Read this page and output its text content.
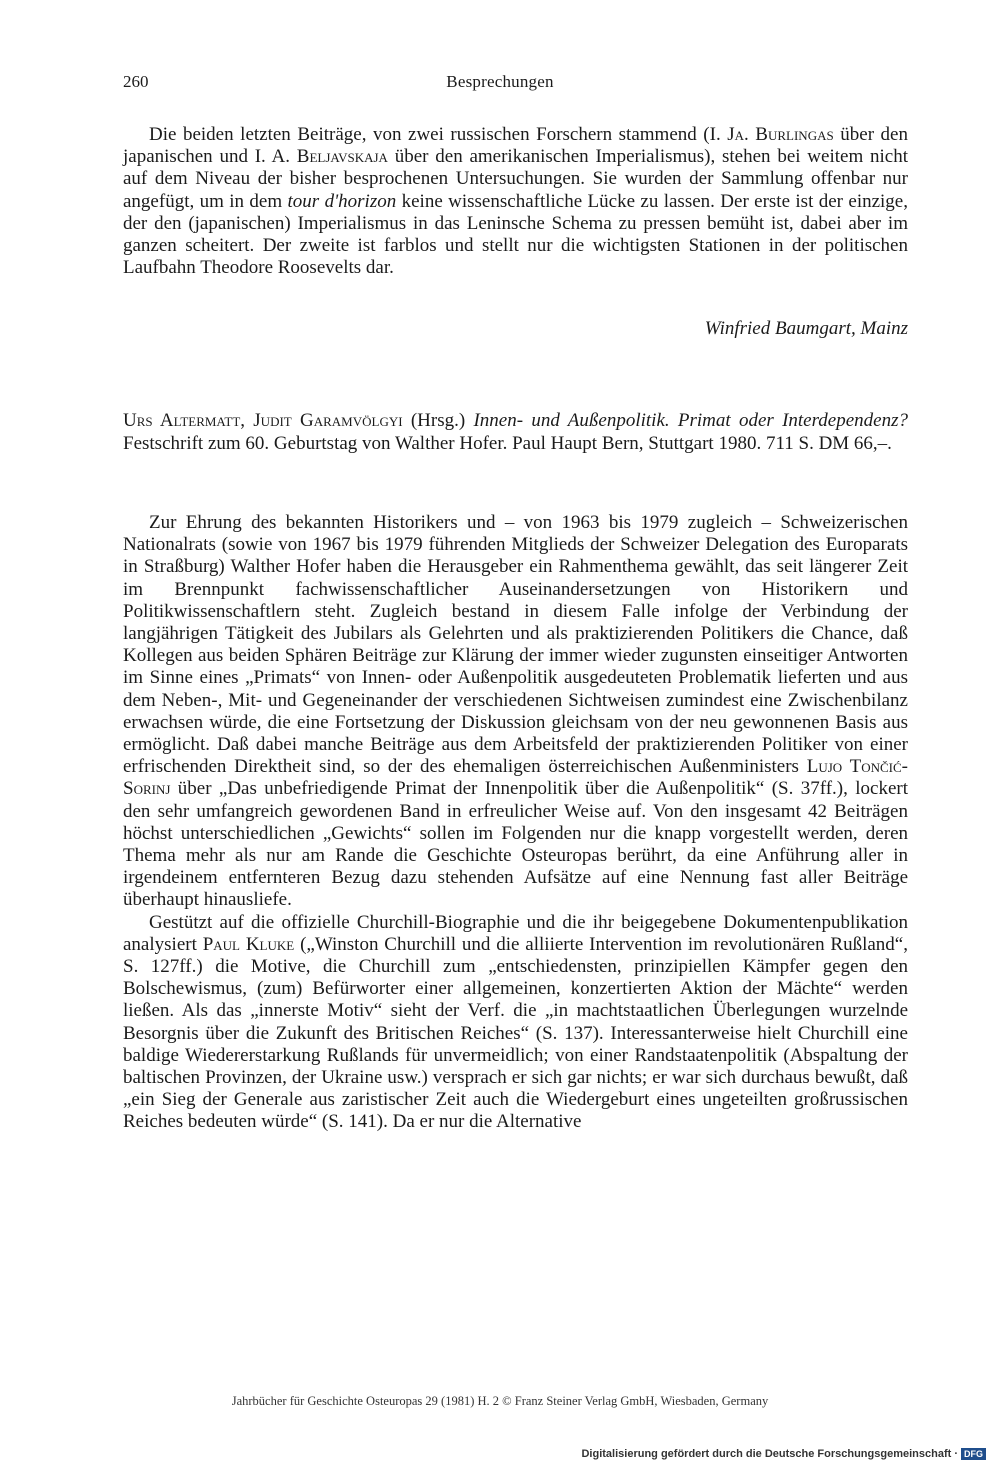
260	Besprechungen

Die beiden letzten Beiträge, von zwei russischen Forschern stammend (I. Ja. Burlingas über den japanischen und I. A. Beljavskaja über den amerikanischen Imperialismus), stehen bei weitem nicht auf dem Niveau der bisher besprochenen Untersuchungen. Sie wurden der Sammlung offenbar nur angefügt, um in dem tour d'horizon keine wissenschaftliche Lücke zu lassen. Der erste ist der einzige, der den (japanischen) Imperialismus in das Leninsche Schema zu pressen bemüht ist, dabei aber im ganzen scheitert. Der zweite ist farblos und stellt nur die wichtigsten Stationen in der politischen Laufbahn Theodore Roosevelts dar.

Winfried Baumgart, Mainz
Urs Altermatt, Judit Garamvölgyi (Hrsg.) Innen- und Außenpolitik. Primat oder Interdependenz? Festschrift zum 60. Geburtstag von Walther Hofer. Paul Haupt Bern, Stuttgart 1980. 711 S. DM 66,–.

Zur Ehrung des bekannten Historikers und – von 1963 bis 1979 zugleich – Schweizerischen Nationalrats (sowie von 1967 bis 1979 führenden Mitglieds der Schweizer Delegation des Europarats in Straßburg) Walther Hofer haben die Herausgeber ein Rahmenthema gewählt, das seit längerer Zeit im Brennpunkt fachwissenschaftlicher Auseinandersetzungen von Historikern und Politikwissenschaftlern steht. Zugleich bestand in diesem Falle infolge der Verbindung der langjährigen Tätigkeit des Jubilars als Gelehrten und als praktizierenden Politikers die Chance, daß Kollegen aus beiden Sphären Beiträge zur Klärung der immer wieder zugunsten einseitiger Antworten im Sinne eines „Primats“ von Innen- oder Außenpolitik ausgedeuteten Problematik lieferten und aus dem Neben-, Mit- und Gegeneinander der verschiedenen Sichtweisen zumindest eine Zwischenbilanz erwachsen würde, die eine Fortsetzung der Diskussion gleichsam von der neu gewonnenen Basis aus ermöglicht. Daß dabei manche Beiträge aus dem Arbeitsfeld der praktizierenden Politiker von einer erfrischenden Direktheit sind, so der des ehemaligen österreichischen Außenministers Lujo Tončić-Sorinj über „Das unbefriedigende Primat der Innenpolitik über die Außenpolitik“ (S. 37ff.), lockert den sehr umfangreich gewordenen Band in erfreulicher Weise auf. Von den insgesamt 42 Beiträgen höchst unterschiedlichen „Gewichts“ sollen im Folgenden nur die knapp vorgestellt werden, deren Thema mehr als nur am Rande die Geschichte Osteuropas berührt, da eine Anführung aller in irgendeinem entfernteren Bezug dazu stehenden Aufsätze auf eine Nennung fast aller Beiträge überhaupt hinausliefe.

Gestützt auf die offizielle Churchill-Biographie und die ihr beigegebene Dokumentenpublikation analysiert Paul Kluke („Winston Churchill und die alliierte Intervention im revolutionären Rußland“, S. 127ff.) die Motive, die Churchill zum „entschiedensten, prinzipiellen Kämpfer gegen den Bolschewismus, (zum) Befürworter einer allgemeinen, konzertierten Aktion der Mächte“ werden ließen. Als das „innerste Motiv“ sieht der Verf. die „in machtstaatlichen Überlegungen wurzelnde Besorgnis über die Zukunft des Britischen Reiches“ (S. 137). Interessanterweise hielt Churchill eine baldige Wiedererstarkung Rußlands für unvermeidlich; von einer Randstaatenpolitik (Abspaltung der baltischen Provinzen, der Ukraine usw.) versprach er sich gar nichts; er war sich durchaus bewußt, daß „ein Sieg der Generale aus zaristischer Zeit auch die Wiedergeburt eines ungeteilten großrussischen Reiches bedeuten würde“ (S. 141). Da er nur die Alternative

Jahrbücher für Geschichte Osteuropas 29 (1981) H. 2 © Franz Steiner Verlag GmbH, Wiesbaden, Germany
Digitalisierung gefördert durch die Deutsche Forschungsgemeinschaft · DFG
